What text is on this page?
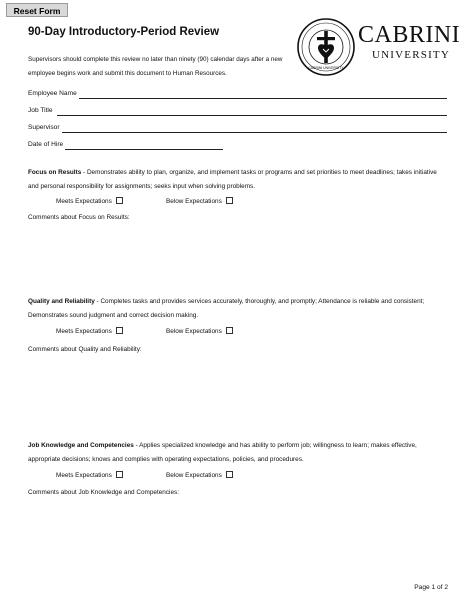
Reset Form
90-Day Introductory-Period Review
Supervisors should complete this review no later than ninety (90) calendar days after a new employee begins work and submit this document to Human Resources.
CABRINI UNIVERSITY
CABRINI
UNIVERSITY
Employee Name
Job Title
Supervisor
Date of Hire
Focus on Results - Demonstrates ability to plan, organize, and implement tasks or programs and set priorities to meet deadlines; takes initiative and personal responsibility for assignments; seeks input when solving problems.
Meets Expectations	Below Expectations
Comments about Focus on Results:
Quality and Reliability - Completes tasks and provides services accurately, thoroughly, and promptly; Attendance is reliable and consistent; Demonstrates sound judgment and correct decision making.
Meets Expectations	Below Expectations
Comments about Quality and Reliability:
Job Knowledge and Competencies - Applies specialized knowledge and has ability to perform job; willingness to learn; makes effective, appropriate decisions; knows and complies with operating expectations, policies, and procedures.
Meets Expectations	Below Expectations
Comments about Job Knowledge and Competencies:
Page 1 of 2
